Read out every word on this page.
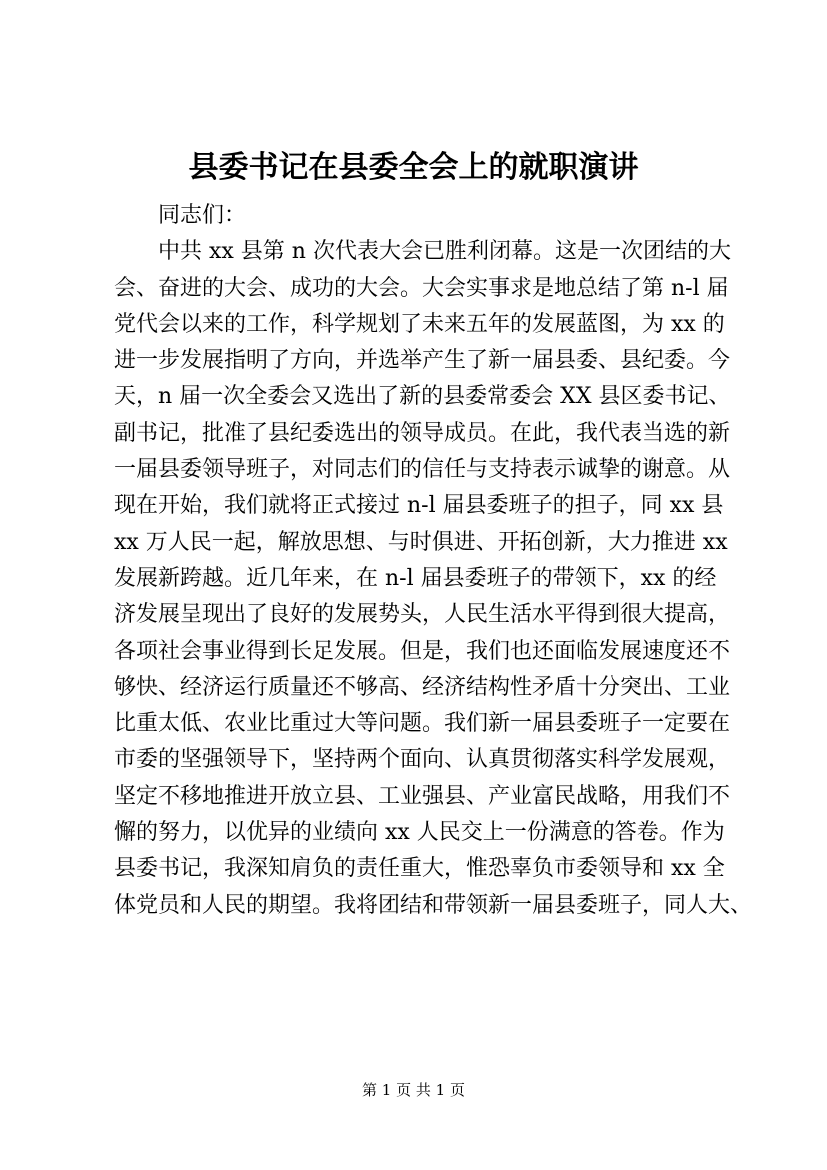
县委书记在县委全会上的就职演讲
同志们：
中共 xx 县第 n 次代表大会已胜利闭幕。这是一次团结的大
会、奋进的大会、成功的大会。大会实事求是地总结了第 n-l 届
党代会以来的工作，科学规划了未来五年的发展蓝图，为 xx 的
进一步发展指明了方向，并选举产生了新一届县委、县纪委。今
天，n 届一次全委会又选出了新的县委常委会 XX 县区委书记、
副书记，批准了县纪委选出的领导成员。在此，我代表当选的新
一届县委领导班子，对同志们的信任与支持表示诚挚的谢意。从
现在开始，我们就将正式接过 n-l 届县委班子的担子，同 xx 县
xx 万人民一起，解放思想、与时俱进、开拓创新，大力推进 xx
发展新跨越。近几年来，在 n-l 届县委班子的带领下，xx 的经
济发展呈现出了良好的发展势头，人民生活水平得到很大提高，
各项社会事业得到长足发展。但是，我们也还面临发展速度还不
够快、经济运行质量还不够高、经济结构性矛盾十分突出、工业
比重太低、农业比重过大等问题。我们新一届县委班子一定要在
市委的坚强领导下，坚持两个面向、认真贯彻落实科学发展观，
坚定不移地推进开放立县、工业强县、产业富民战略，用我们不
懈的努力，以优异的业绩向 xx 人民交上一份满意的答卷。作为
县委书记，我深知肩负的责任重大，惟恐辜负市委领导和 xx 全
体党员和人民的期望。我将团结和带领新一届县委班子，同人大、
第 1 页 共 1 页
